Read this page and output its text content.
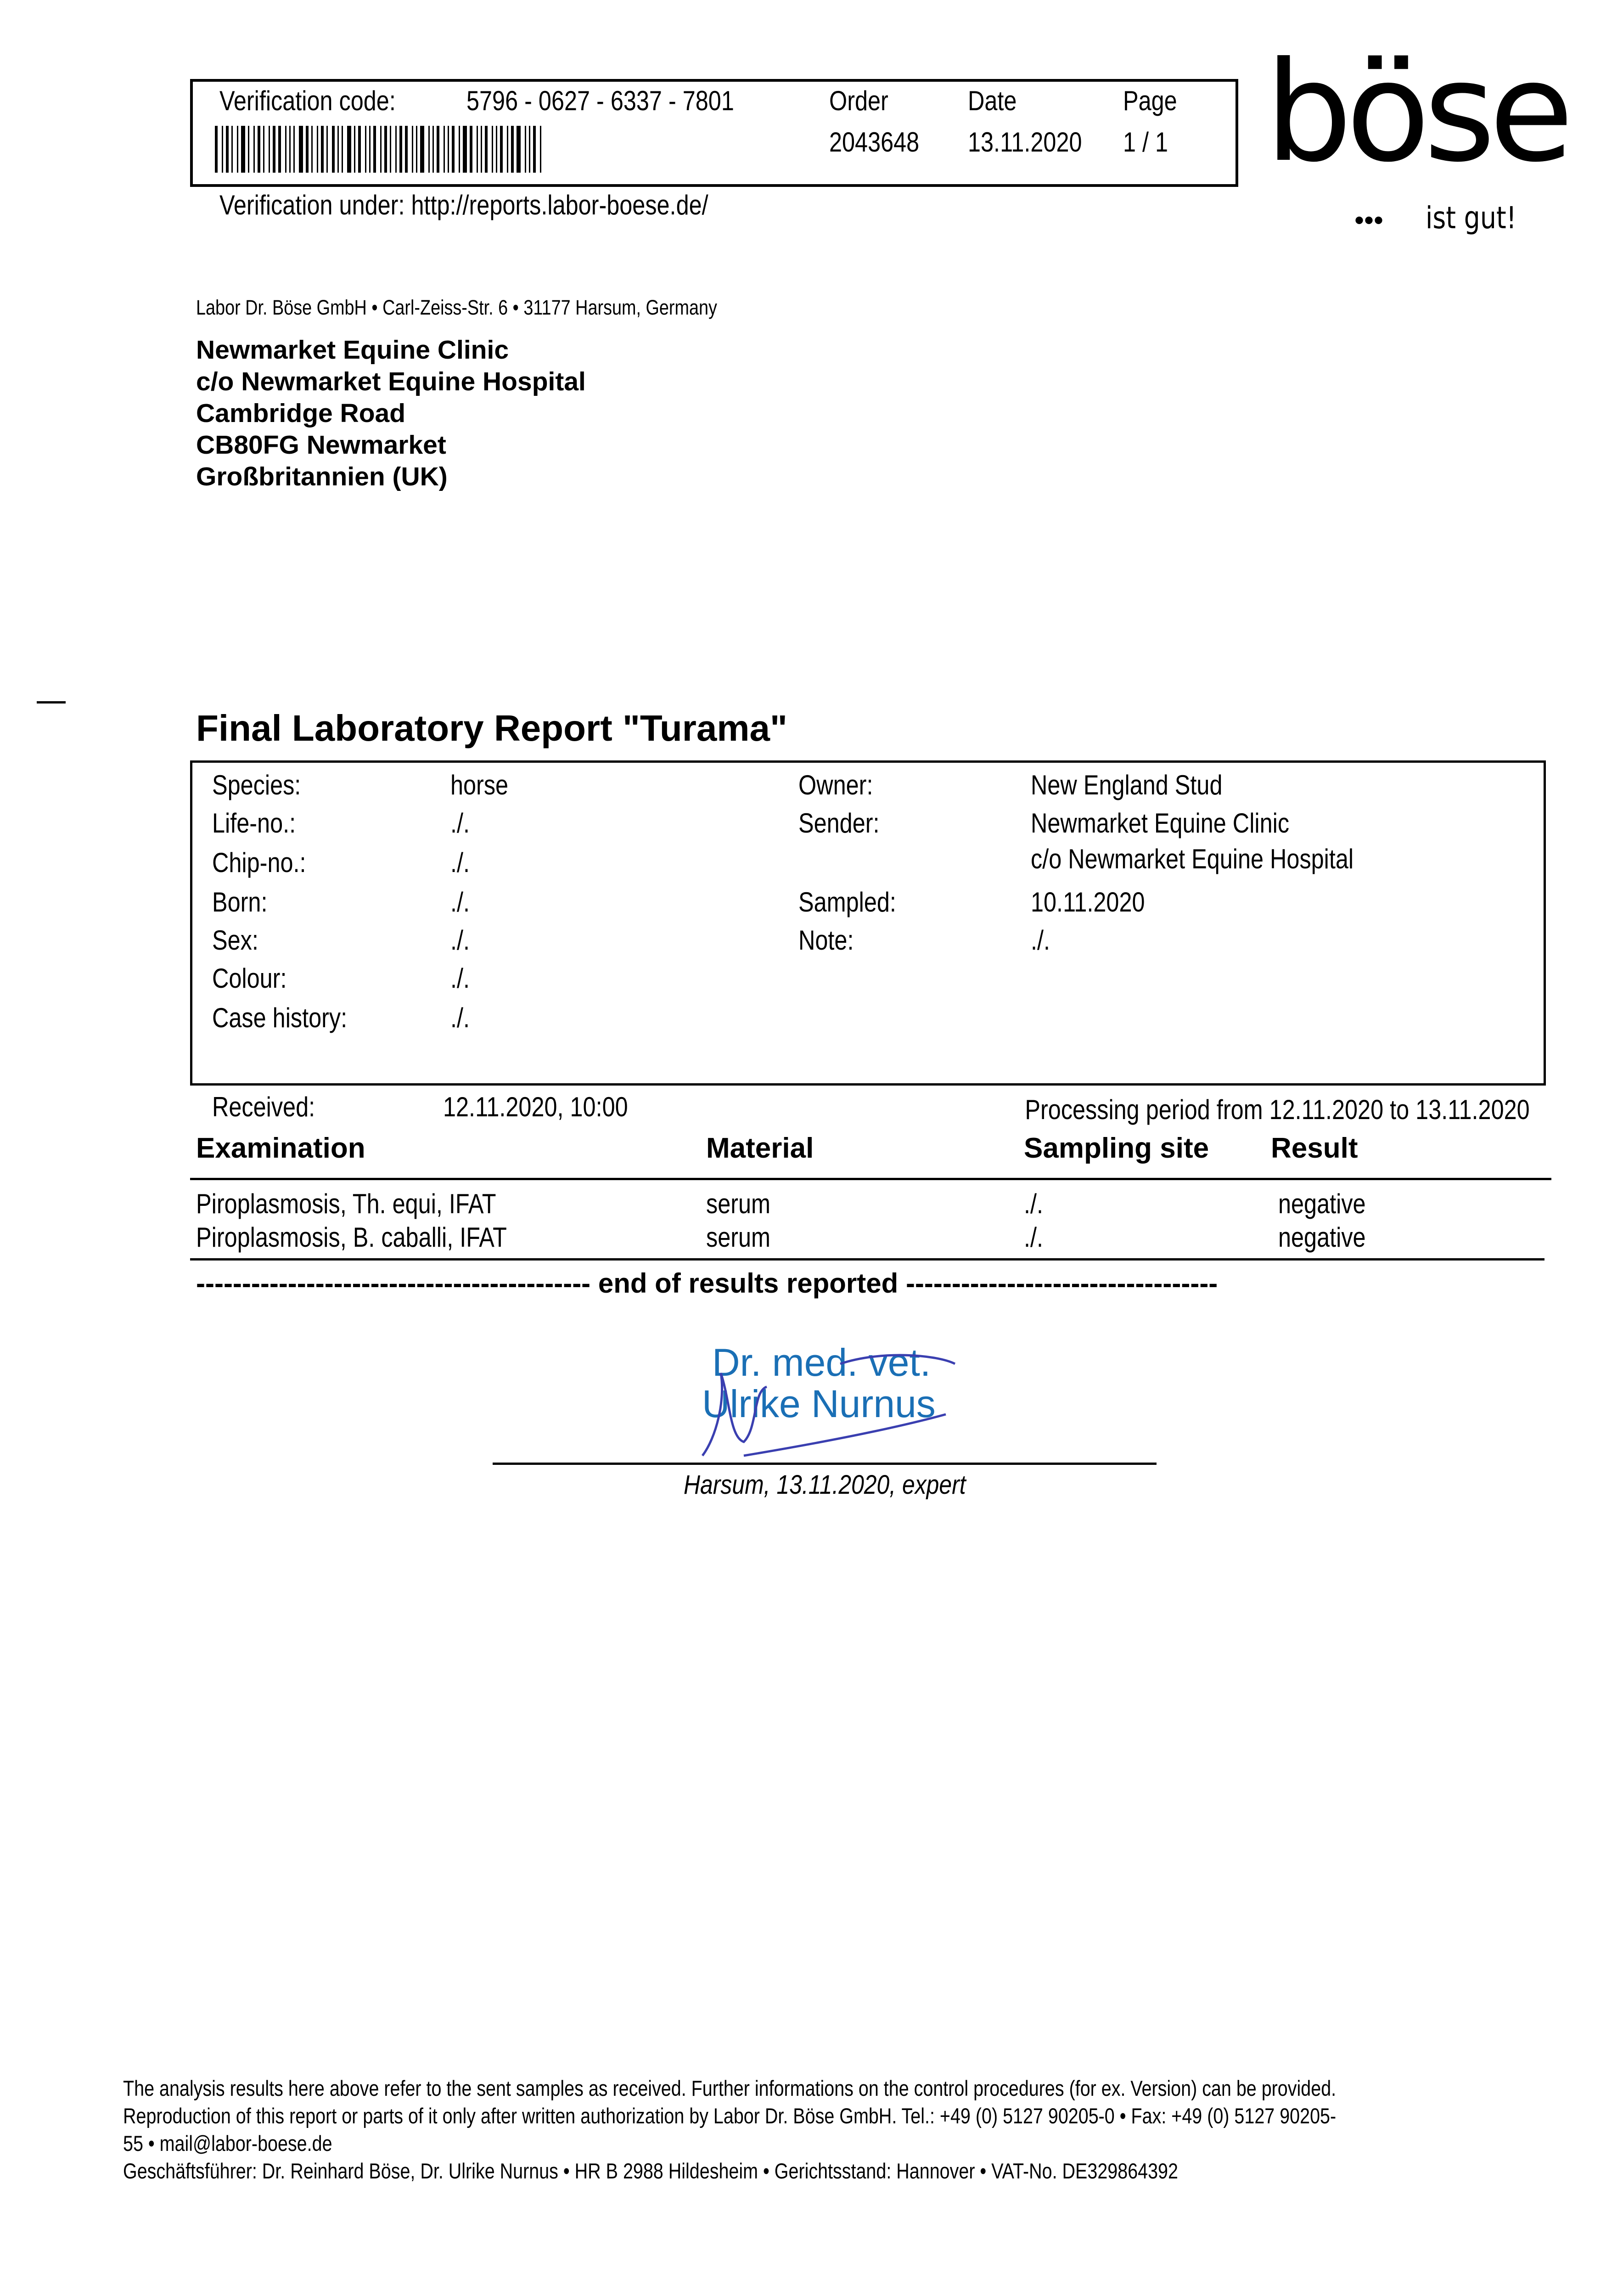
Verification code:	5796 - 0627 - 6337 - 7801	Order	Date	Page
2043648	13.11.2020	1 / 1
Verification under: http://reports.labor-boese.de/
böse
••• ist gut!
Labor Dr. Böse GmbH • Carl-Zeiss-Str. 6 • 31177 Harsum, Germany
Newmarket Equine Clinic
c/o Newmarket Equine Hospital
Cambridge Road
CB80FG Newmarket
Großbritannien (UK)
Final Laboratory Report "Turama"
Species:	horse
Life-no.:	./.
Chip-no.:	./.
Born:	./.
Sex:	./.
Colour:	./.
Case history:	./.
Owner:	New England Stud
Sender:	Newmarket Equine Clinic
c/o Newmarket Equine Hospital
Sampled:	10.11.2020
Note:	./.
Received:	12.11.2020, 10:00	Processing period from 12.11.2020 to 13.11.2020
Examination	Material	Sampling site Result
Piroplasmosis, Th. equi, IFAT	serum	./.	negative
Piroplasmosis, B. caballi, IFAT	serum	./.	negative
------------------------------------------- end of results reported ----------------------------------
Dr. med. vet.
Ulrike Nurnus
Harsum, 13.11.2020, expert
The analysis results here above refer to the sent samples as received. Further informations on the control procedures (for ex. Version) can be provided.
Reproduction of this report or parts of it only after written authorization by Labor Dr. Böse GmbH. Tel.: +49 (0) 5127 90205-0 • Fax: +49 (0) 5127 90205-
55 • mail@labor-boese.de
Geschäftsführer: Dr. Reinhard Böse, Dr. Ulrike Nurnus • HR B 2988 Hildesheim • Gerichtsstand: Hannover • VAT-No. DE329864392
